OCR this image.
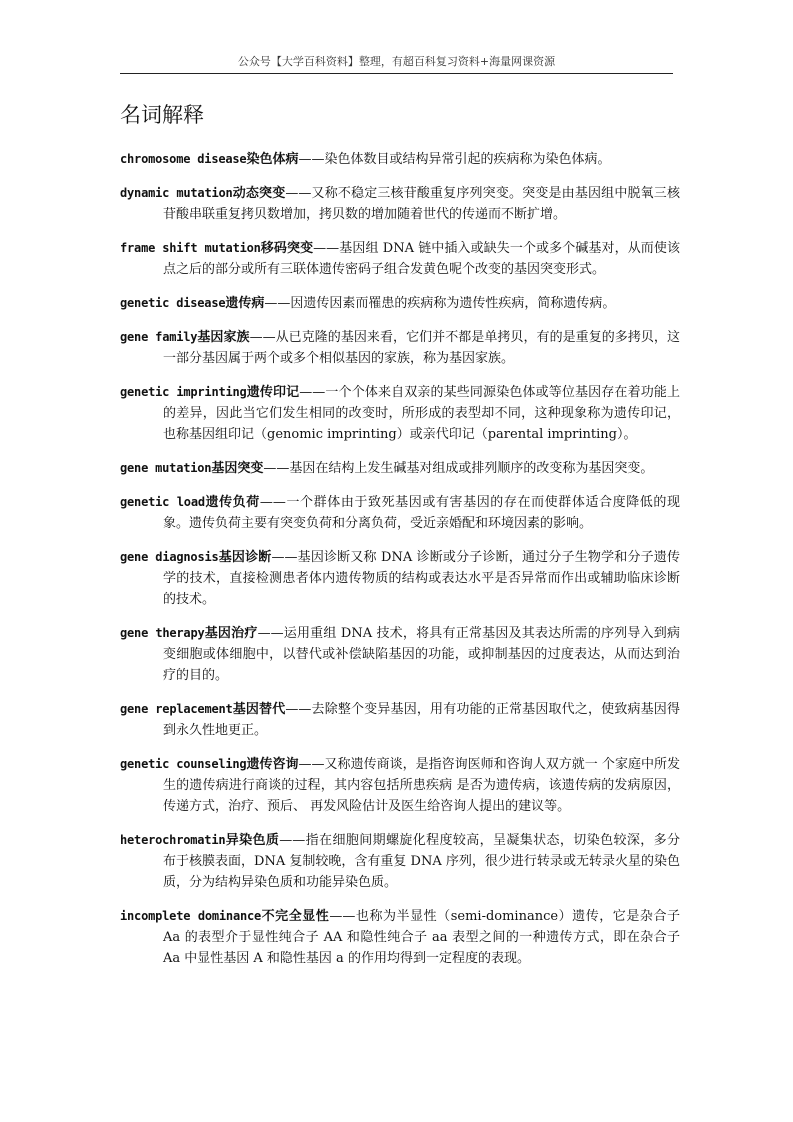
公众号【大学百科资料】整理，有超百科复习资料+海量网课资源
名词解释

chromosome disease染色体病——染色体数目或结构异常引起的疾病称为染色体病。

dynamic mutation动态突变——又称不稳定三核苷酸重复序列突变。突变是由基因组中脱氧三核苷酸串联重复拷贝数增加，拷贝数的增加随着世代的传递而不断扩增。

frame shift mutation移码突变——基因组 DNA 链中插入或缺失一个或多个碱基对，从而使该点之后的部分或所有三联体遗传密码子组合发黄色呢个改变的基因突变形式。

genetic disease遗传病——因遗传因素而罹患的疾病称为遗传性疾病，简称遗传病。

gene family基因家族——从已克隆的基因来看，它们并不都是单拷贝，有的是重复的多拷贝，这一部分基因属于两个或多个相似基因的家族，称为基因家族。

genetic imprinting遗传印记——一个个体来自双亲的某些同源染色体或等位基因存在着功能上的差异，因此当它们发生相同的改变时，所形成的表型却不同，这种现象称为遗传印记，也称基因组印记（genomic imprinting）或亲代印记（parental imprinting）。

gene mutation基因突变——基因在结构上发生碱基对组成或排列顺序的改变称为基因突变。

genetic load遗传负荷——一个群体由于致死基因或有害基因的存在而使群体适合度降低的现象。遗传负荷主要有突变负荷和分离负荷，受近亲婚配和环境因素的影响。

gene diagnosis基因诊断——基因诊断又称 DNA 诊断或分子诊断，通过分子生物学和分子遗传学的技术，直接检测患者体内遗传物质的结构或表达水平是否异常而作出或辅助临床诊断的技术。

gene therapy基因治疗——运用重组 DNA 技术，将具有正常基因及其表达所需的序列导入到病变细胞或体细胞中，以替代或补偿缺陷基因的功能，或抑制基因的过度表达，从而达到治疗的目的。

gene replacement基因替代——去除整个变异基因，用有功能的正常基因取代之，使致病基因得到永久性地更正。

genetic counseling遗传咨询——又称遗传商谈，是指咨询医师和咨询人双方就一 个家庭中所发生的遗传病进行商谈的过程，其内容包括所患疾病 是否为遗传病，该遗传病的发病原因，传递方式，治疗、预后、 再发风险估计及医生给咨询人提出的建议等。

heterochromatin异染色质——指在细胞间期螺旋化程度较高，呈凝集状态，切染色较深，多分布于核膜表面，DNA 复制较晚，含有重复 DNA 序列，很少进行转录或无转录火星的染色质，分为结构异染色质和功能异染色质。

incomplete dominance不完全显性——也称为半显性（semi-dominance）遗传，它是杂合子 Aa 的表型介于显性纯合子 AA 和隐性纯合子 aa 表型之间的一种遗传方式，即在杂合子 Aa 中显性基因 A 和隐性基因 a 的作用均得到一定程度的表现。
